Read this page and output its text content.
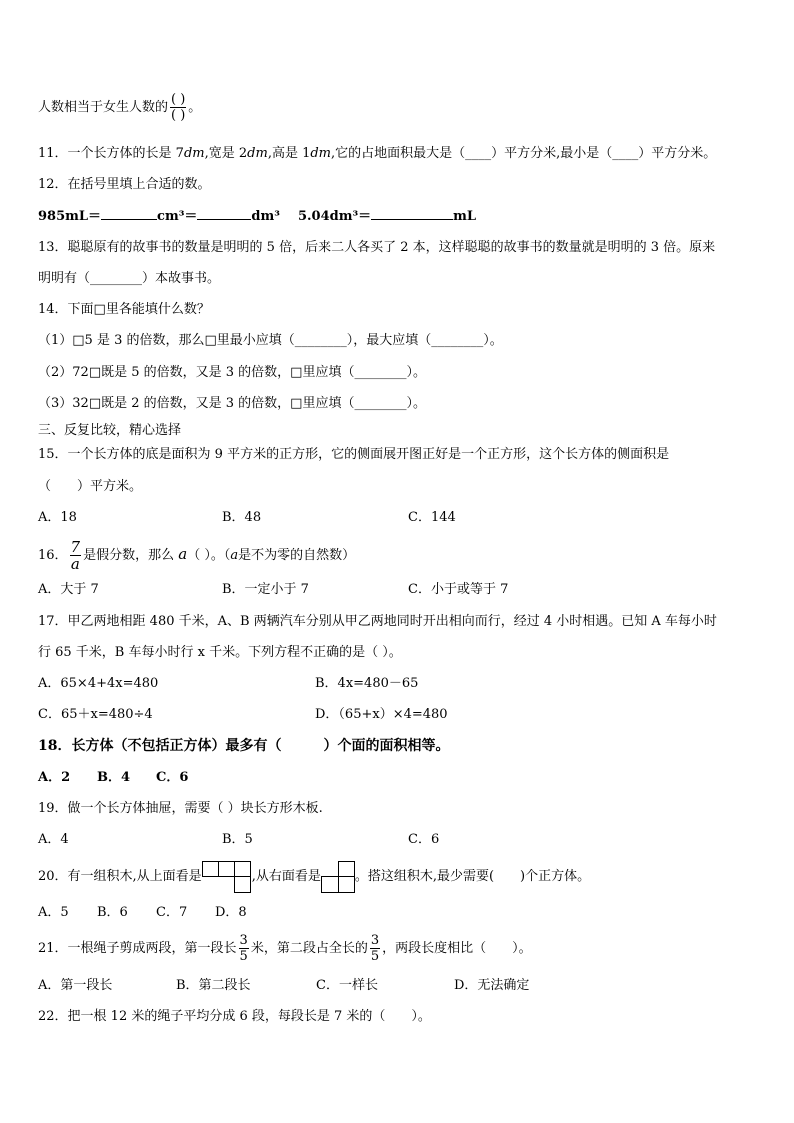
人数相当于女生人数的 $\frac{( )}{( )}$ 。
11．一个长方体的长是 7dm,宽是 2dm,高是 1dm,它的占地面积最大是（____）平方分米,最小是（____）平方分米。
12．在括号里填上合适的数。
985mL＝	cm³＝	dm³ 5.04dm³＝	mL
13．聪聪原有的故事书的数量是明明的 5 倍，后来二人各买了 2 本，这样聪聪的故事书的数量就是明明的 3 倍。原来
明明有（________）本故事书。
14．下面□里各能填什么数？
（1）□5 是 3 的倍数，那么□里最小应填（________），最大应填（________）。
（2）72□既是 5 的倍数，又是 3 的倍数，□里应填（________）。
（3）32□既是 2 的倍数，又是 3 的倍数，□里应填（________）。
三、反复比较，精心选择
15．一个长方体的底是面积为 9 平方米的正方形，它的侧面展开图正好是一个正方形，这个长方体的侧面积是
（　　）平方米。
A．18	B．48	C．144
16． $\frac{7}{a}$ 是假分数，那么 a（ ）。（a是不为零的自然数）
A．大于 7	B．一定小于 7	C．小于或等于 7
17．甲乙两地相距 480 千米，A、B 两辆汽车分别从甲乙两地同时开出相向而行，经过 4 小时相遇。已知 A 车每小时
行 65 千米，B 车每小时行 x 千米。下列方程不正确的是（ ）。
A．65×4+4x=480	B．4x=480－65
C．65＋x=480÷4	D．（65+x）×4=480
18．长方体（不包括正方体）最多有（　　　）个面的面积相等。
A．2 B．4 C．6
19．做一个长方体抽屉，需要（ ）块长方形木板.
A．4	B．5	C．6
20．有一组积木,从上面看是	,从右面看是	。搭这组积木,最少需要(　　)个正方体。
A．5 B．6 C．7 D．8
21．一根绳子剪成两段，第一段长 $\frac{3}{5}$ 米，第二段占全长的 $\frac{3}{5}$ ，两段长度相比（　　）。
A．第一段长	B．第二段长	C．一样长	D．无法确定
22．把一根 12 米的绳子平均分成 6 段，每段长是 7 米的（　　）。
